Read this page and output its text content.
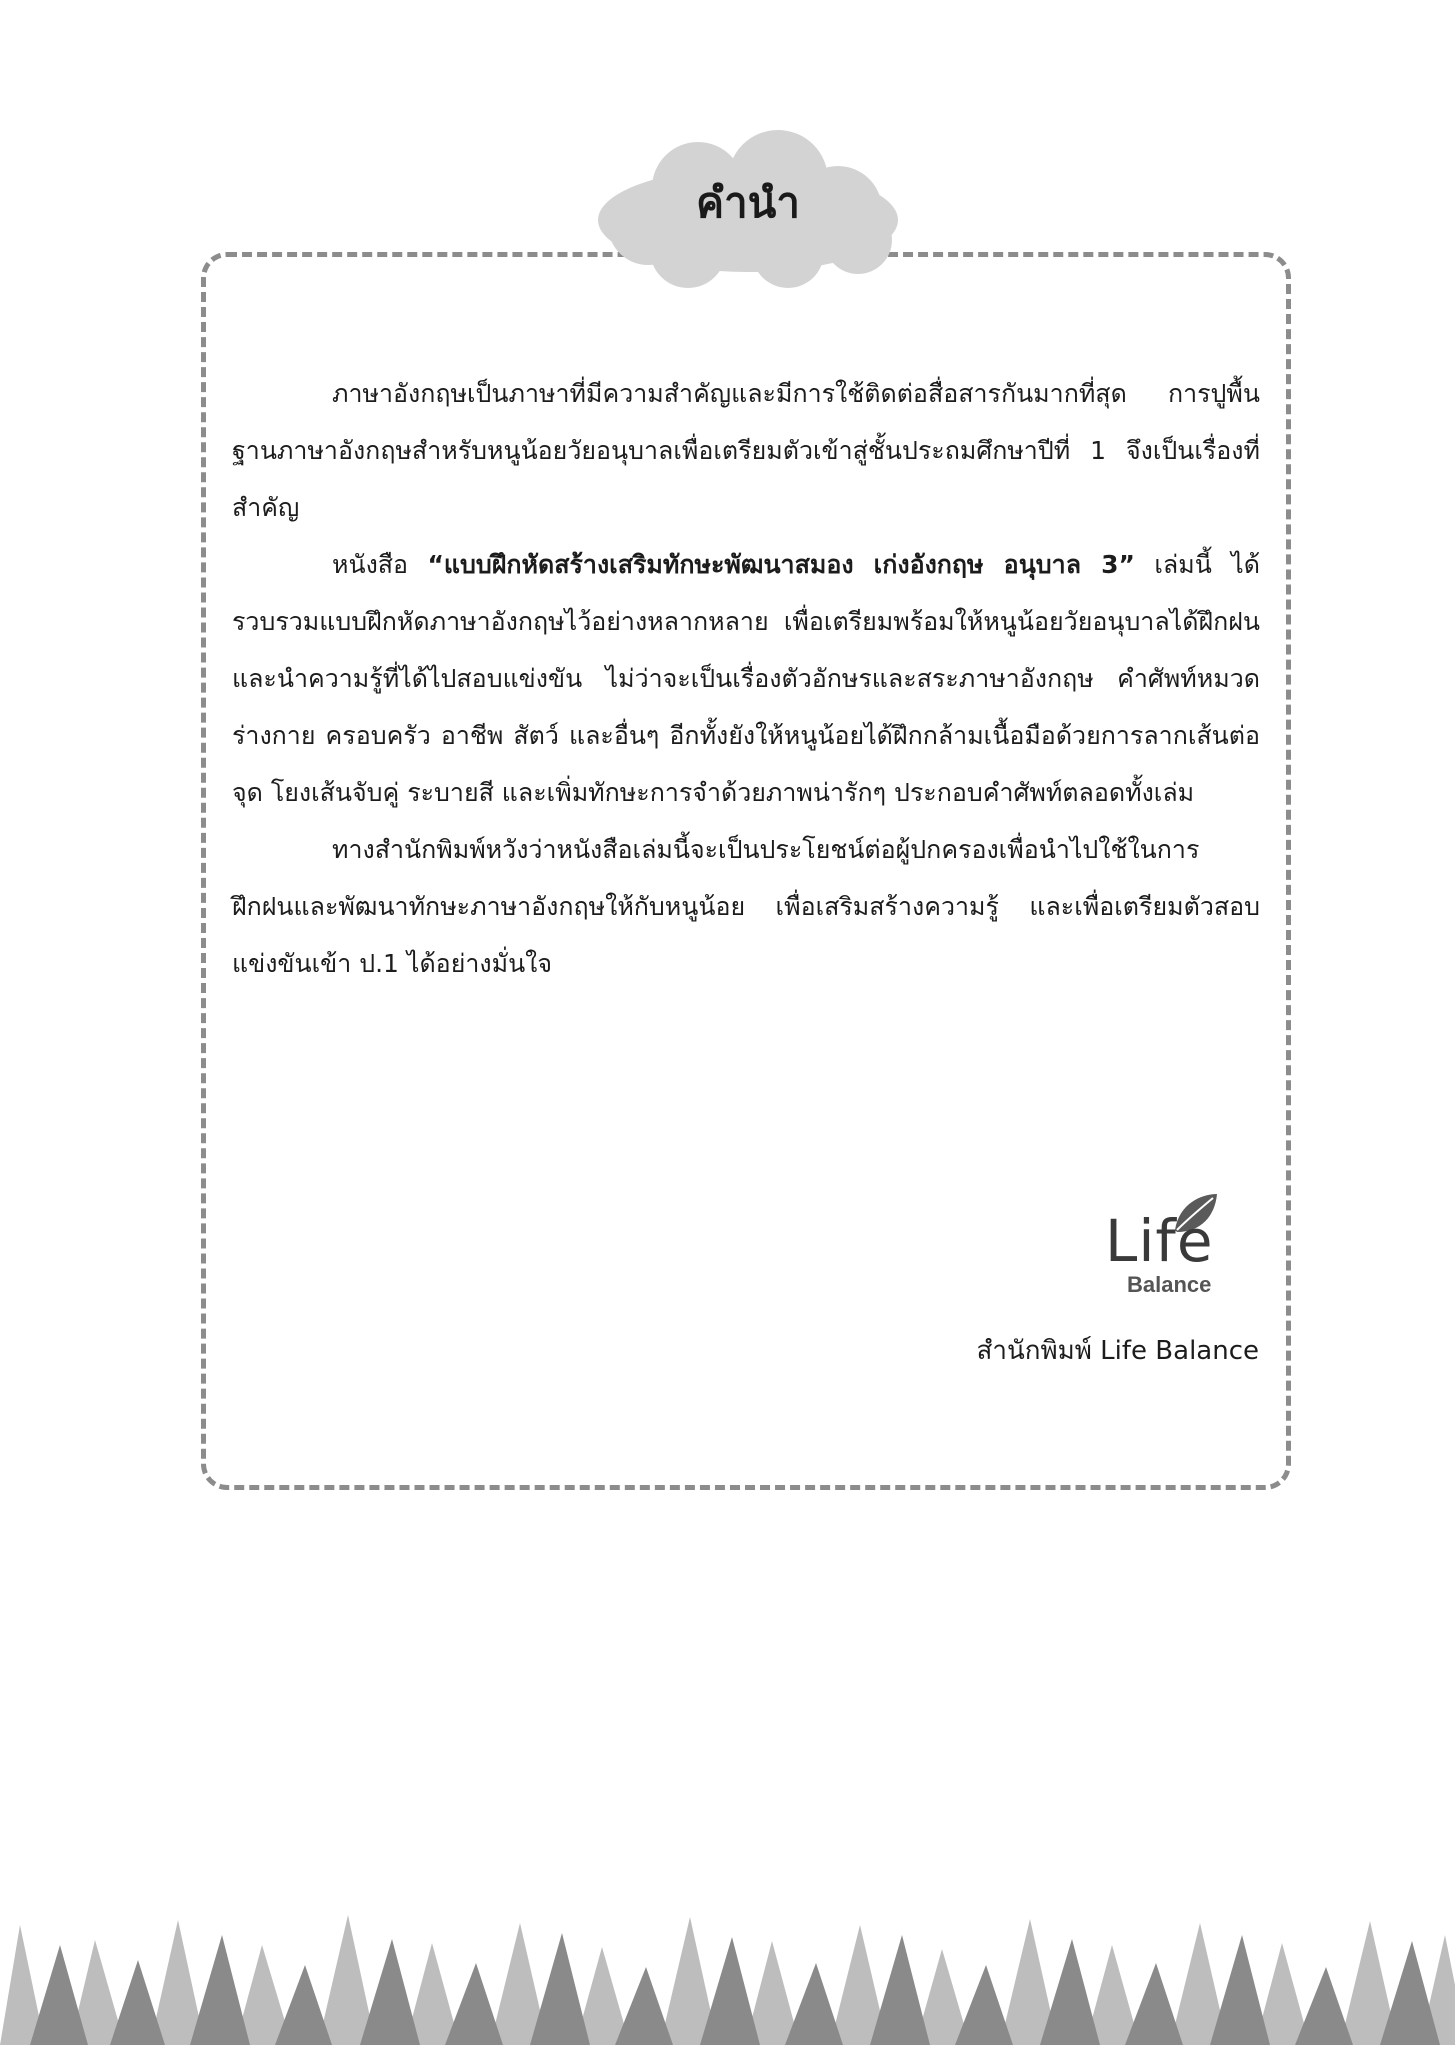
คำนำ

ภาษาอังกฤษเป็นภาษาที่มีความสำคัญและมีการใช้ติดต่อสื่อสารกันมากที่สุด การปูพื้นฐานภาษาอังกฤษสำหรับหนูน้อยวัยอนุบาลเพื่อเตรียมตัวเข้าสู่ชั้นประถมศึกษาปีที่ 1 จึงเป็นเรื่องที่สำคัญ

หนังสือ “แบบฝึกหัดสร้างเสริมทักษะพัฒนาสมอง เก่งอังกฤษ อนุบาล 3” เล่มนี้ ได้รวบรวมแบบฝึกหัดภาษาอังกฤษไว้อย่างหลากหลาย เพื่อเตรียมพร้อมให้หนูน้อยวัยอนุบาลได้ฝึกฝน และนำความรู้ที่ได้ไปสอบแข่งขัน ไม่ว่าจะเป็นเรื่องตัวอักษรและสระภาษาอังกฤษ คำศัพท์หมวดร่างกาย ครอบครัว อาชีพ สัตว์ และอื่นๆ อีกทั้งยังให้หนูน้อยได้ฝึกกล้ามเนื้อมือด้วยการลากเส้นต่อจุด โยงเส้นจับคู่ ระบายสี และเพิ่มทักษะการจำด้วยภาพน่ารักๆ ประกอบคำศัพท์ตลอดทั้งเล่ม

ทางสำนักพิมพ์หวังว่าหนังสือเล่มนี้จะเป็นประโยชน์ต่อผู้ปกครองเพื่อนำไปใช้ในการฝึกฝนและพัฒนาทักษะภาษาอังกฤษให้กับหนูน้อย เพื่อเสริมสร้างความรู้ และเพื่อเตรียมตัวสอบแข่งขันเข้า ป.1 ได้อย่างมั่นใจ

Life
Balance
สำนักพิมพ์ Life Balance
